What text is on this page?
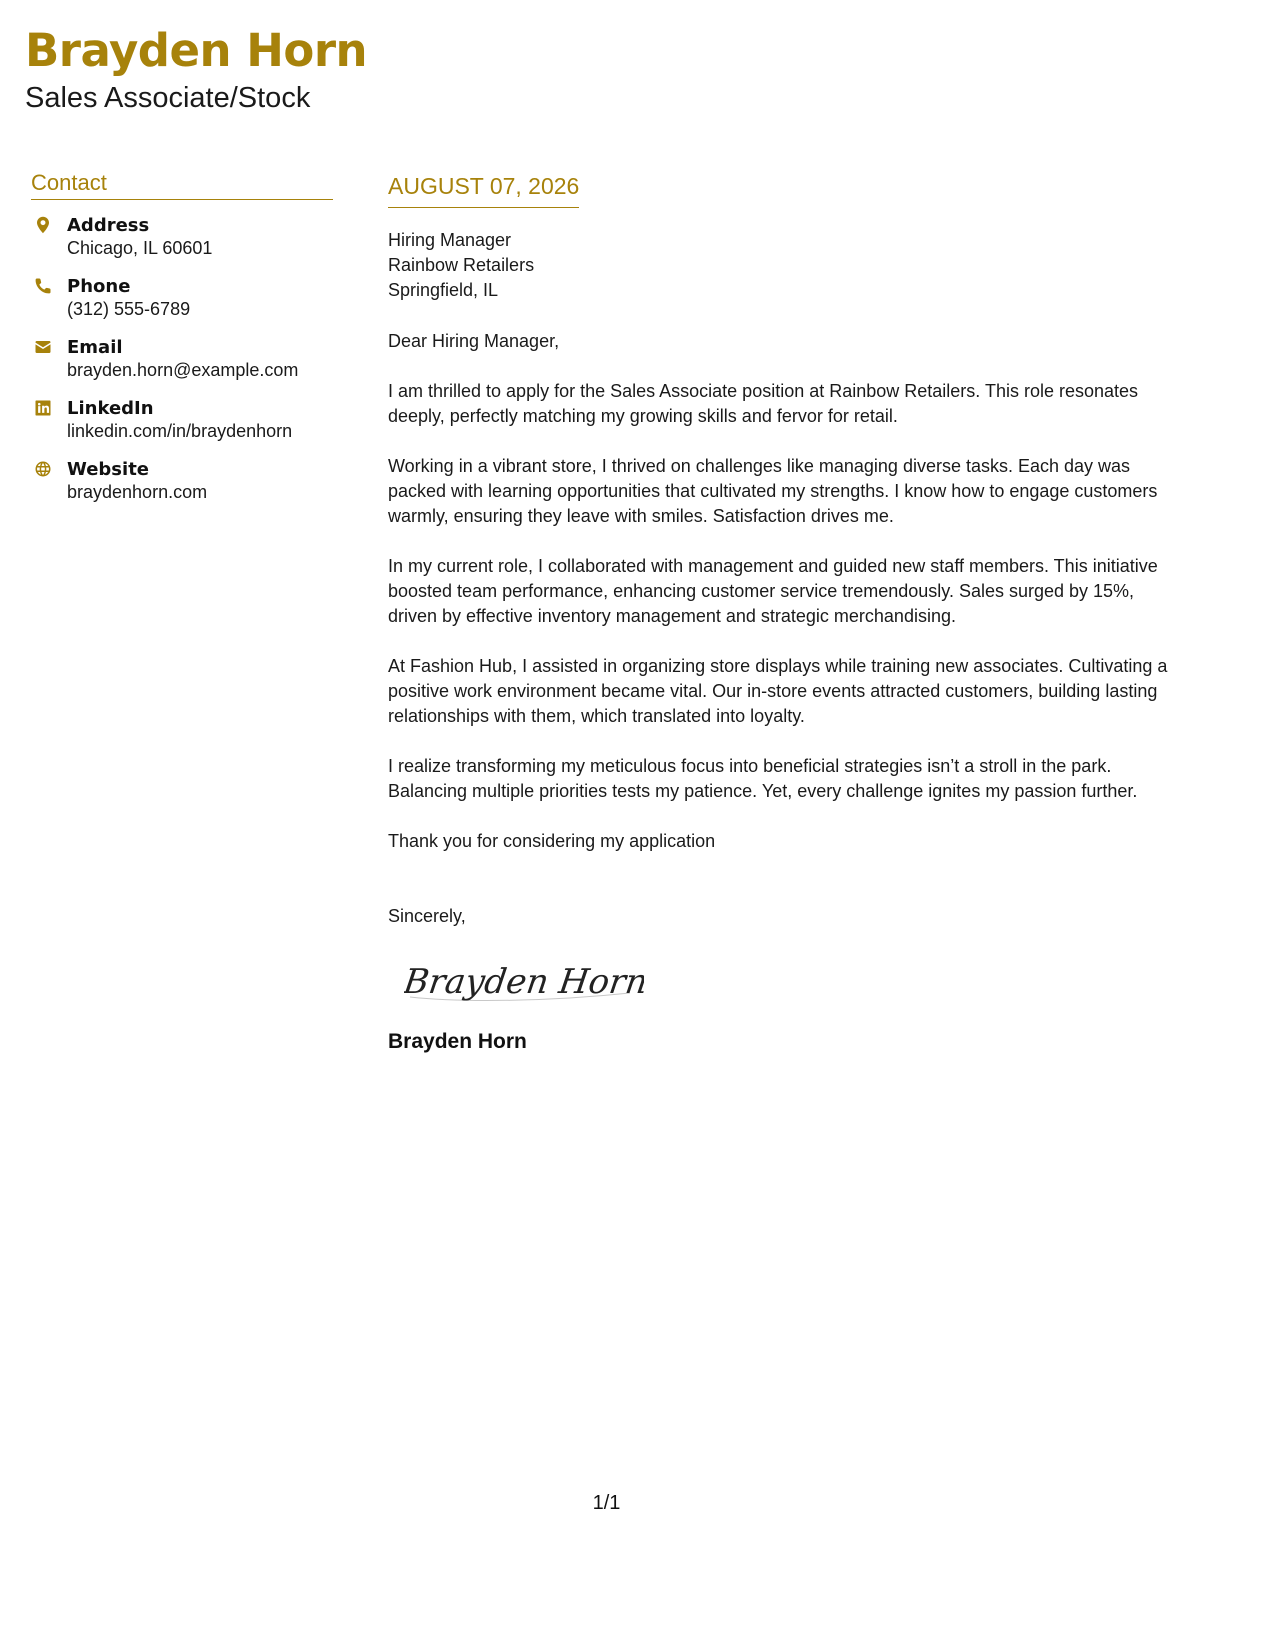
Brayden Horn
Sales Associate/Stock
Contact
Address
Chicago, IL 60601
Phone
(312) 555-6789
Email
brayden.horn@example.com
LinkedIn
linkedin.com/in/braydenhorn
Website
braydenhorn.com
AUGUST 07, 2026
Hiring Manager
Rainbow Retailers
Springfield, IL

Dear Hiring Manager,

I am thrilled to apply for the Sales Associate position at Rainbow Retailers. This role resonates deeply, perfectly matching my growing skills and fervor for retail.

Working in a vibrant store, I thrived on challenges like managing diverse tasks. Each day was packed with learning opportunities that cultivated my strengths. I know how to engage customers warmly, ensuring they leave with smiles. Satisfaction drives me.

In my current role, I collaborated with management and guided new staff members. This initiative boosted team performance, enhancing customer service tremendously. Sales surged by 15%, driven by effective inventory management and strategic merchandising.

At Fashion Hub, I assisted in organizing store displays while training new associates. Cultivating a positive work environment became vital. Our in-store events attracted customers, building lasting relationships with them, which translated into loyalty.

I realize transforming my meticulous focus into beneficial strategies isn’t a stroll in the park. Balancing multiple priorities tests my patience. Yet, every challenge ignites my passion further.

Thank you for considering my application

Sincerely,
Brayden Horn
Brayden Horn
1/1
